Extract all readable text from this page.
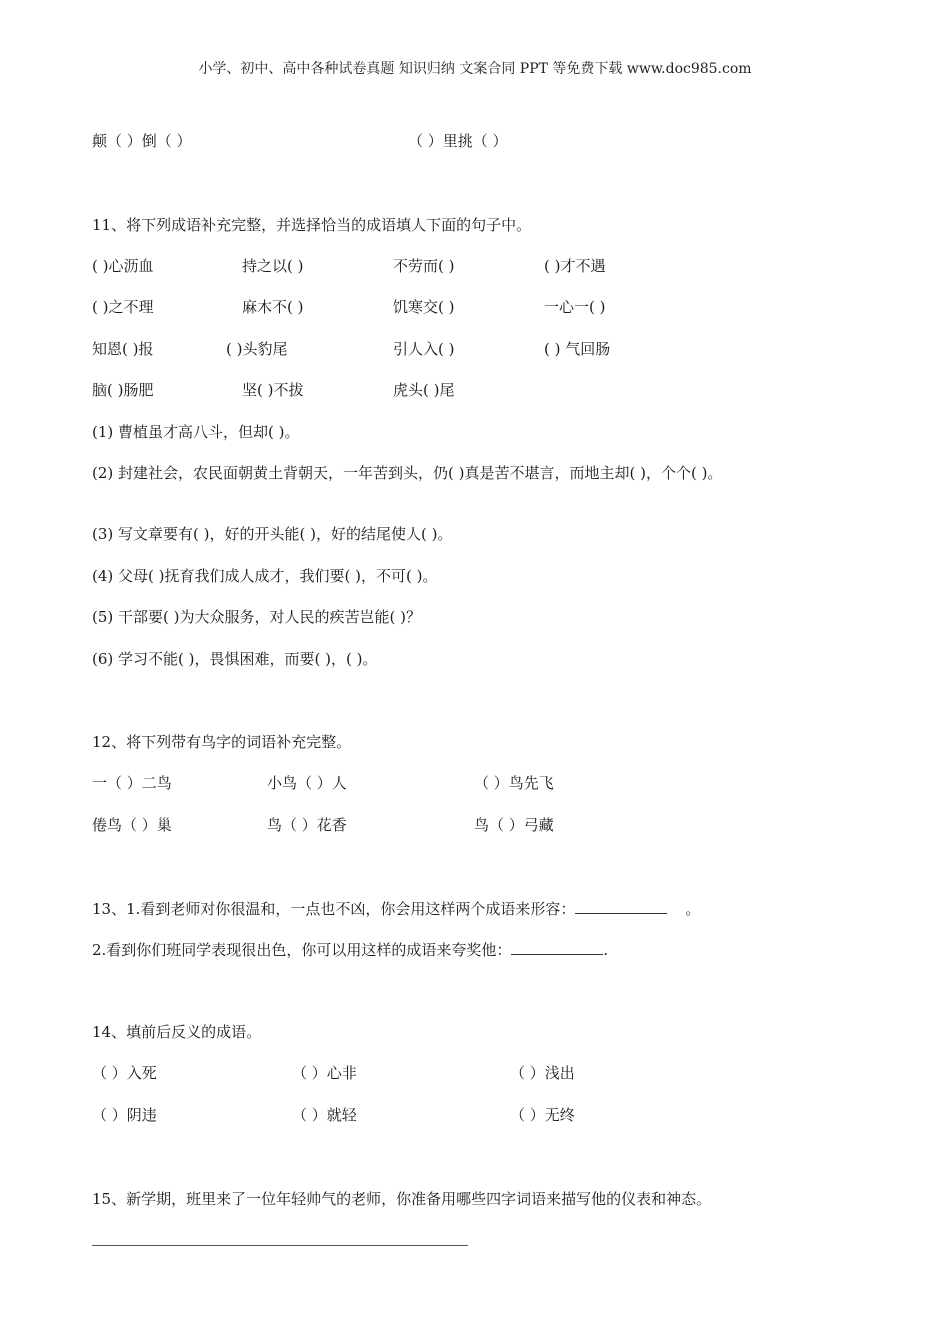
小学、初中、高中各种试卷真题 知识归纳 文案合同 PPT 等免费下载 www.doc985.com
颠（ ）倒（ ）	（ ）里挑（ ）
11、将下列成语补充完整，并选择恰当的成语填人下面的句子中。
( )心沥血	持之以( )	不劳而( )	( )才不遇
( )之不理	麻木不( )	饥寒交( )	一心一( )
知恩( )报	( )头豹尾	引人入( )	( ) 气回肠
脑( )肠肥	坚( )不拔	虎头( )尾
(1) 曹植虽才高八斗，但却( )。
(2) 封建社会，农民面朝黄土背朝天，一年苦到头，仍( )真是苦不堪言，而地主却( )，个个( )。
(3) 写文章要有( )，好的开头能( )，好的结尾使人( )。
(4) 父母( )抚育我们成人成才，我们要( )，不可( )。
(5) 干部要( )为大众服务，对人民的疾苦岂能( )？
(6) 学习不能( )，畏惧困难，而要( )，( )。
12、将下列带有鸟字的词语补充完整。
一（ ）二鸟	小鸟（ ）人	（ ）鸟先飞
倦鸟（ ）巢	鸟（ ）花香	鸟（ ）弓藏
13、1.看到老师对你很温和，一点也不凶，你会用这样两个成语来形容：	。
2.看到你们班同学表现很出色，你可以用这样的成语来夸奖他：	.
14、填前后反义的成语。
（ ）入死	（ ）心非	（ ）浅出
（ ）阴违	（ ）就轻	（ ）无终
15、新学期，班里来了一位年轻帅气的老师，你准备用哪些四字词语来描写他的仪表和神态。
